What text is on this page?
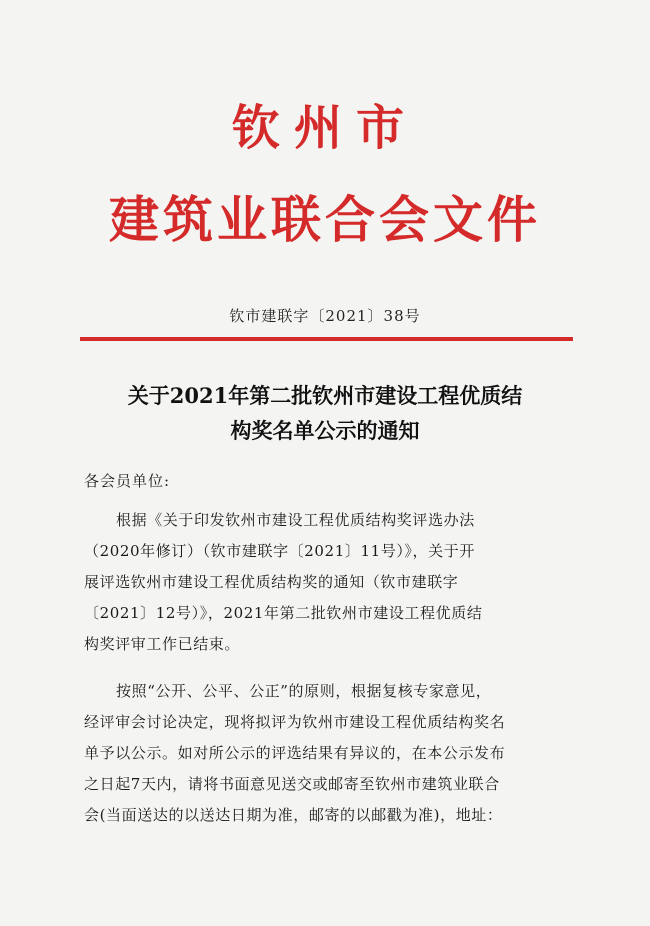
钦州市
建筑业联合会文件
钦市建联字〔2021〕38号
关于2021年第二批钦州市建设工程优质结
构奖名单公示的通知
各会员单位:
根据《关于印发钦州市建设工程优质结构奖评选办法
（2020年修订）（钦市建联字〔2021〕11号）》，关于开
展评选钦州市建设工程优质结构奖的通知（钦市建联字
〔2021〕12号）》，2021年第二批钦州市建设工程优质结
构奖评审工作已结束。
按照“公开、公平、公正”的原则，根据复核专家意见，
经评审会讨论决定，现将拟评为钦州市建设工程优质结构奖名
单予以公示。如对所公示的评选结果有异议的，在本公示发布
之日起7天内，请将书面意见送交或邮寄至钦州市建筑业联合
会(当面送达的以送达日期为准，邮寄的以邮戳为准)，地址：
